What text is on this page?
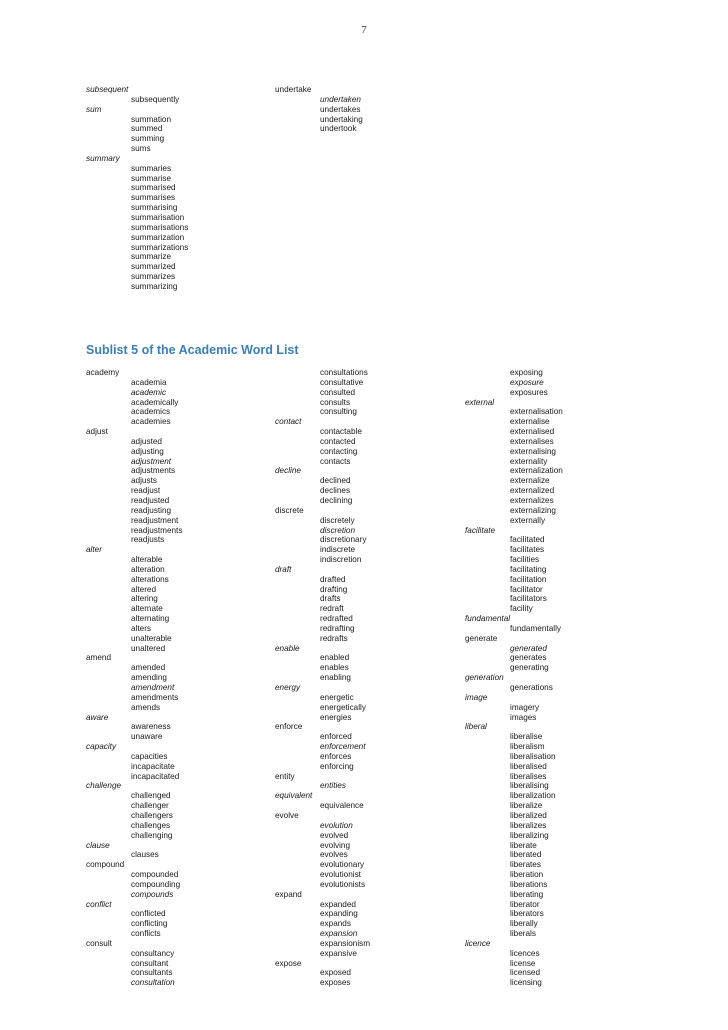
7
subsequent
subsequently
sum
summation
summed
summing
sums
summary
summaries
summarise
summarised
summarises
summarising
summarisation
summarisations
summarization
summarizations
summarize
summarized
summarizes
summarizing
undertake
undertaken
undertakes
undertaking
undertook
Sublist 5 of the Academic Word List
academy
academia
academic
academically
academics
academies
adjust
adjusted
adjusting
adjustment
adjustments
adjusts
readjust
readjusted
readjusting
readjustment
readjustments
readjusts
alter
alterable
alteration
alterations
altered
altering
alternate
alternating
alters
unalterable
unaltered
amend
amended
amending
amendment
amendments
amends
aware
awareness
unaware
capacity
capacities
incapacitate
incapacitated
challenge
challenged
challenger
challengers
challenges
challenging
clause
clauses
compound
compounded
compounding
compounds
conflict
conflicted
conflicting
conflicts
consult
consultancy
consultant
consultants
consultation
consultations
consultative
consulted
consults
consulting
contact
contactable
contacted
contacting
contacts
decline
declined
declines
declining
discrete
discretely
discretion
discretionary
indiscrete
indiscretion
draft
drafted
drafting
drafts
redraft
redrafted
redrafting
redrafts
enable
enabled
enables
enabling
energy
energetic
energetically
energies
enforce
enforced
enforcement
enforces
enforcing
entity
entities
equivalent
equivalence
evolve
evolution
evolved
evolving
evolves
evolutionary
evolutionist
evolutionists
expand
expanded
expanding
expands
expansion
expansionism
expansive
expose
exposed
exposes
exposing
exposure
exposures
external
externalisation
externalise
externalised
externalises
externalising
externality
externalization
externalize
externalized
externalizes
externalizing
externally
facilitate
facilitated
facilitates
facilities
facilitating
facilitation
facilitator
facilitators
facility
fundamental
fundamentally
generate
generated
generates
generating
generation
generations
image
imagery
images
liberal
liberalise
liberalism
liberalisation
liberalised
liberalises
liberalising
liberalization
liberalize
liberalized
liberalizes
liberalizing
liberate
liberated
liberates
liberation
liberations
liberating
liberator
liberators
liberally
liberals
licence
licences
license
licensed
licensing
